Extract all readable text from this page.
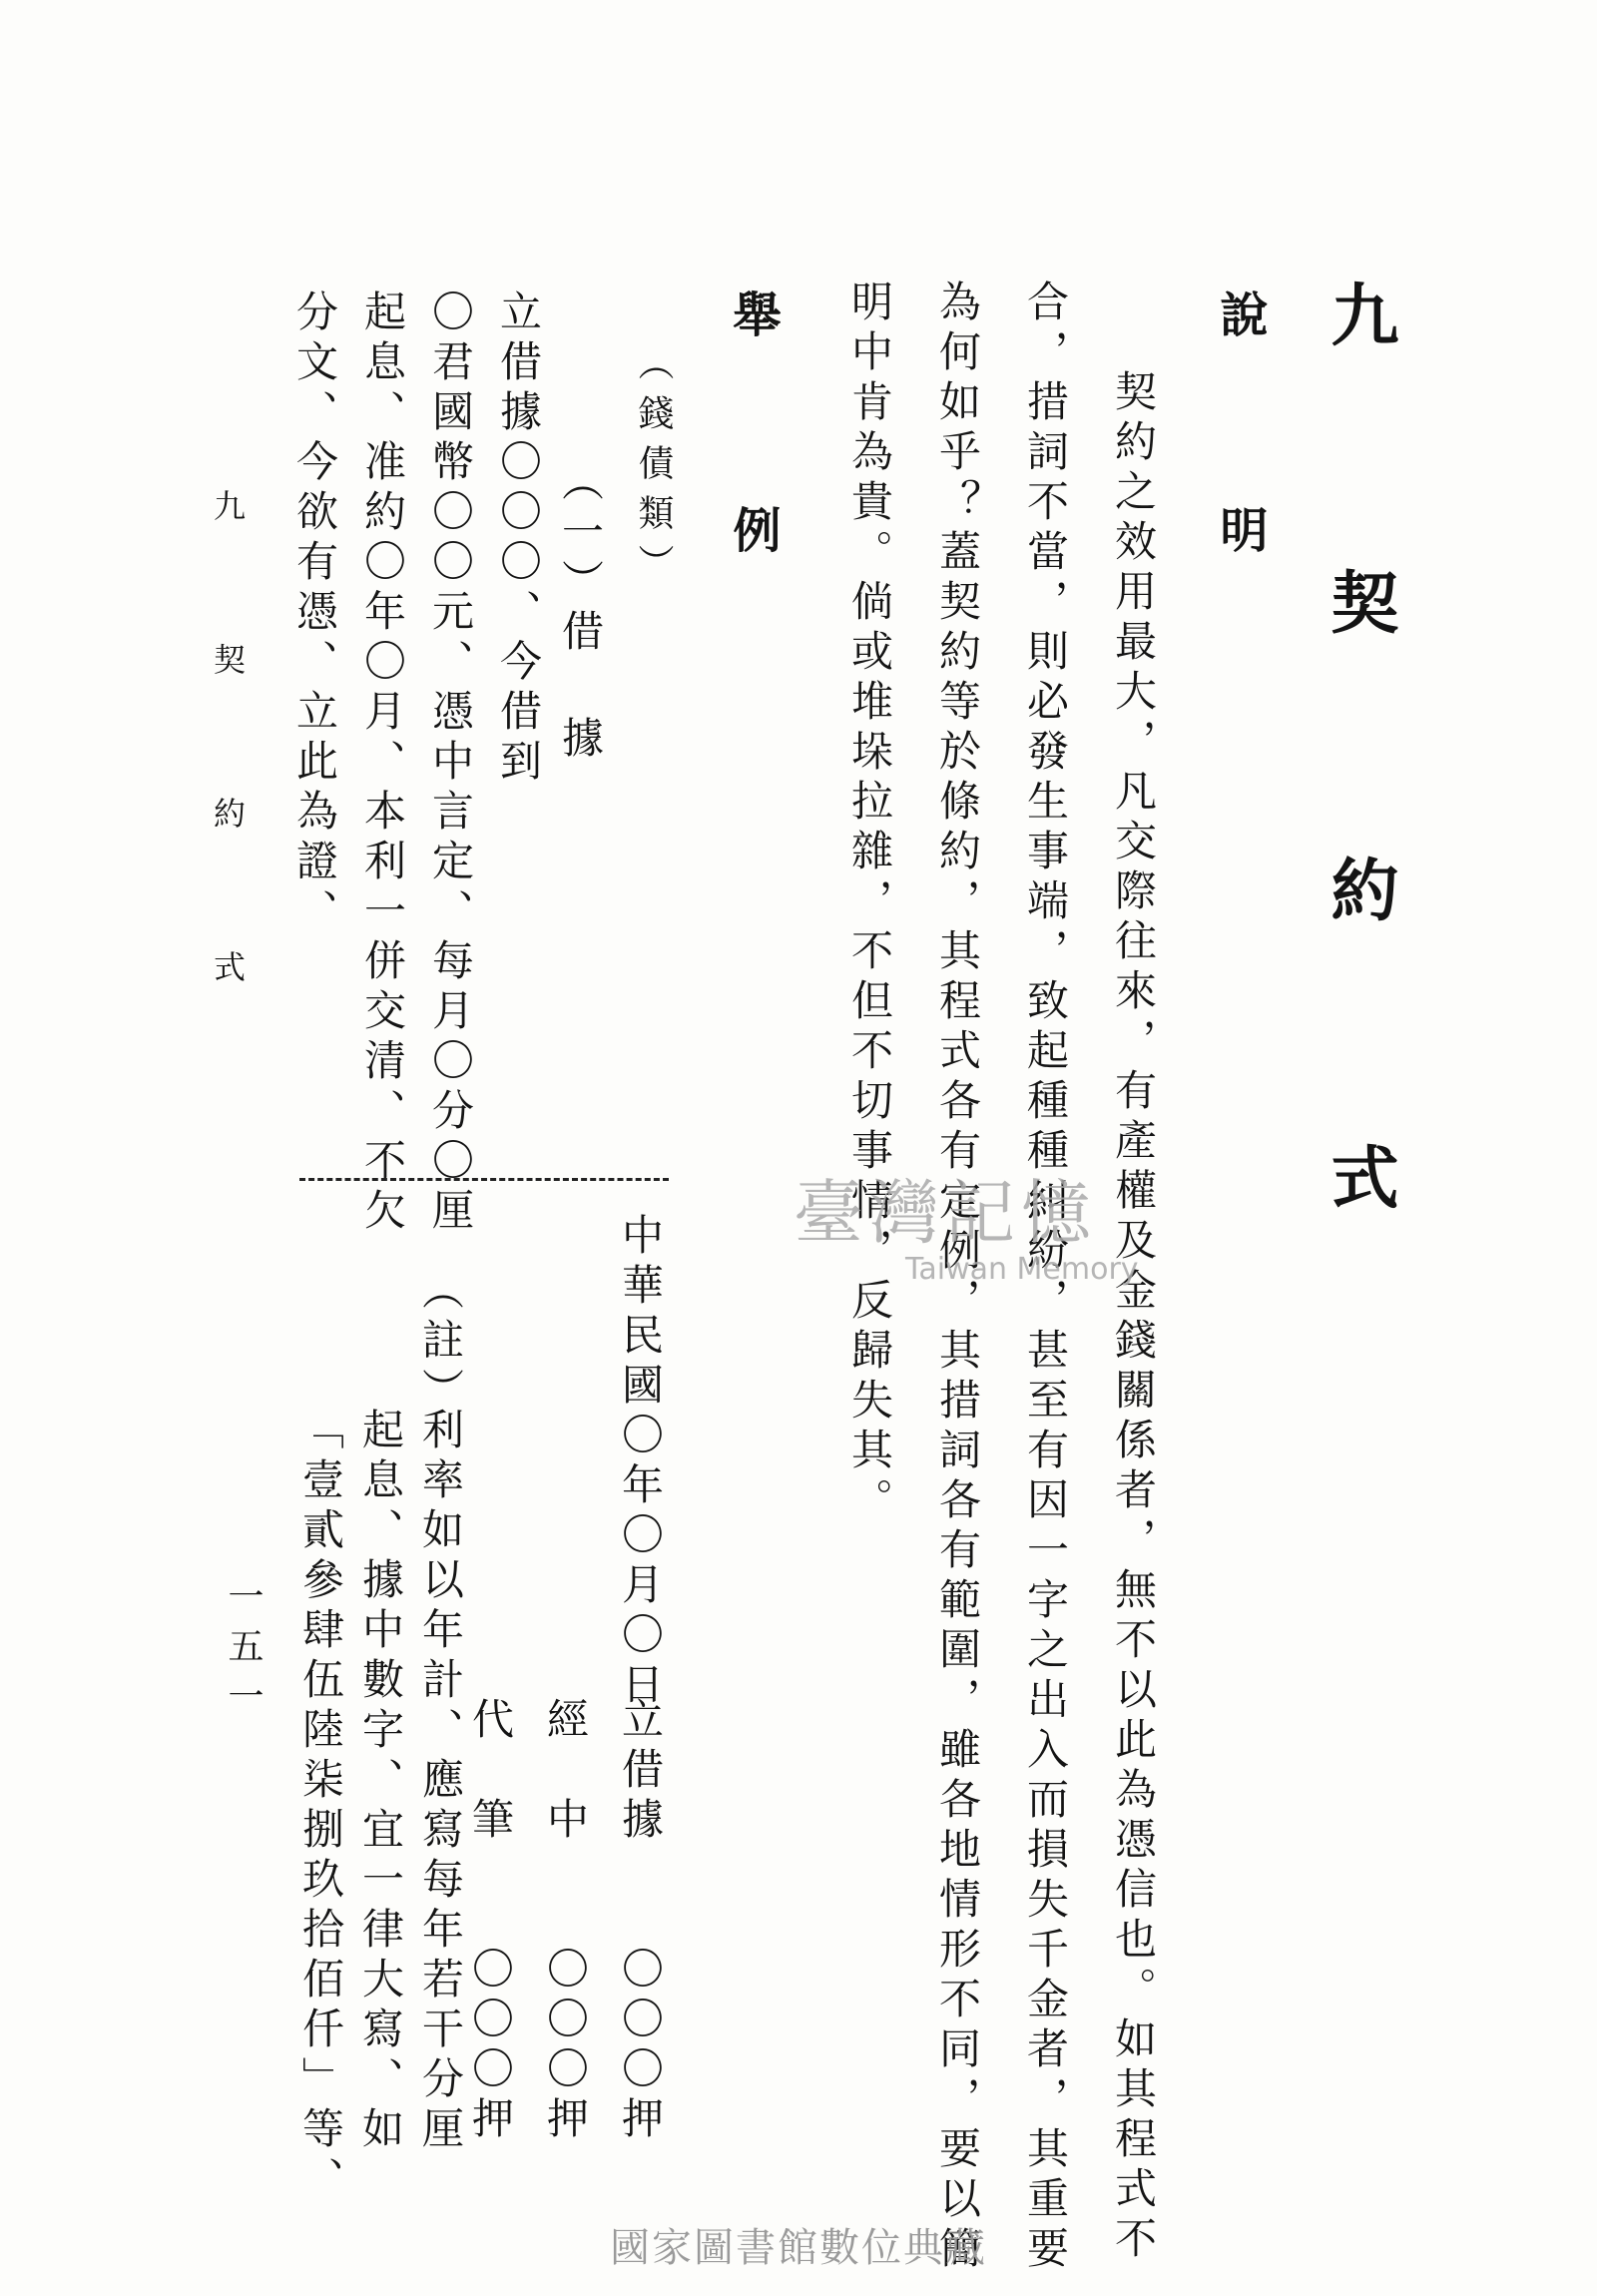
九 契 約 式
說 明
契約之效用最大，凡交際往來，有產權及金錢關係者，無不以此為憑信也。如其程式不
合，措詞不當，則必發生事端，致起種種糾紛，甚至有因一字之出入而損失千金者，其重要
為何如乎？蓋契約等於條約，其程式各有定例，其措詞各有範圍，雖各地情形不同，要以簡
明中肯為貴。倘或堆垛拉雜，不但不切事情，反歸失其。
舉 例
（錢債類）
（一）借 據
立借據〇〇〇、今借到
〇君國幣〇〇元、憑中言定、每月〇分〇厘
起息、准約〇年〇月、本利一併交清、不欠
分文、今欲有憑、立此為證、
九 契 約 式
中華民國〇年〇月〇日
立借據
〇〇〇押
經　中
〇〇〇押
代　筆
〇〇〇押
（註）
利率如以年計、應寫每年若干分厘
起息、據中數字、宜一律大寫、如
「壹貳參肆伍陸柒捌玖拾佰仟」等、
一五一
臺灣記憶
Taiwan Memory
國家圖書館數位典藏
